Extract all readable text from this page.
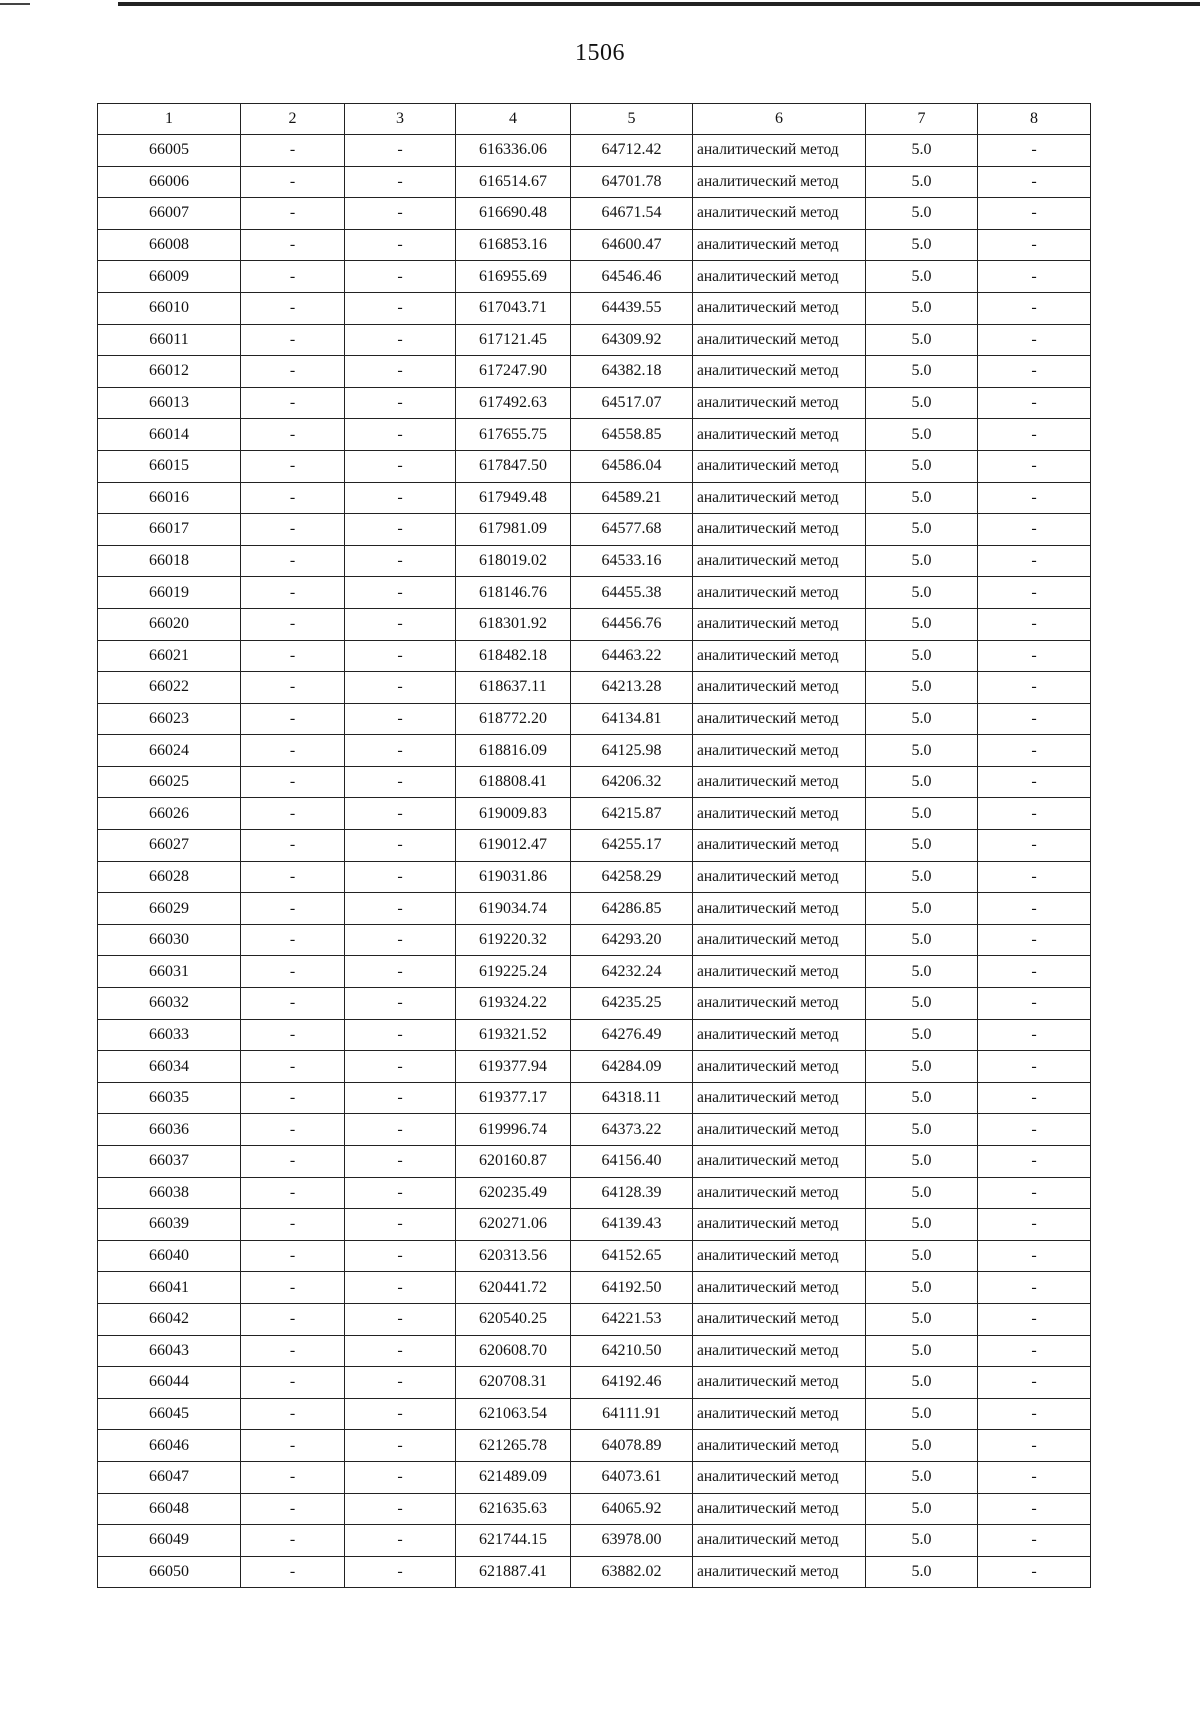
1506
1	2	3	4	5	6	7	8
66005	-	-	616336.06	64712.42	аналитический метод	5.0	-
66006	-	-	616514.67	64701.78	аналитический метод	5.0	-
66007	-	-	616690.48	64671.54	аналитический метод	5.0	-
66008	-	-	616853.16	64600.47	аналитический метод	5.0	-
66009	-	-	616955.69	64546.46	аналитический метод	5.0	-
66010	-	-	617043.71	64439.55	аналитический метод	5.0	-
66011	-	-	617121.45	64309.92	аналитический метод	5.0	-
66012	-	-	617247.90	64382.18	аналитический метод	5.0	-
66013	-	-	617492.63	64517.07	аналитический метод	5.0	-
66014	-	-	617655.75	64558.85	аналитический метод	5.0	-
66015	-	-	617847.50	64586.04	аналитический метод	5.0	-
66016	-	-	617949.48	64589.21	аналитический метод	5.0	-
66017	-	-	617981.09	64577.68	аналитический метод	5.0	-
66018	-	-	618019.02	64533.16	аналитический метод	5.0	-
66019	-	-	618146.76	64455.38	аналитический метод	5.0	-
66020	-	-	618301.92	64456.76	аналитический метод	5.0	-
66021	-	-	618482.18	64463.22	аналитический метод	5.0	-
66022	-	-	618637.11	64213.28	аналитический метод	5.0	-
66023	-	-	618772.20	64134.81	аналитический метод	5.0	-
66024	-	-	618816.09	64125.98	аналитический метод	5.0	-
66025	-	-	618808.41	64206.32	аналитический метод	5.0	-
66026	-	-	619009.83	64215.87	аналитический метод	5.0	-
66027	-	-	619012.47	64255.17	аналитический метод	5.0	-
66028	-	-	619031.86	64258.29	аналитический метод	5.0	-
66029	-	-	619034.74	64286.85	аналитический метод	5.0	-
66030	-	-	619220.32	64293.20	аналитический метод	5.0	-
66031	-	-	619225.24	64232.24	аналитический метод	5.0	-
66032	-	-	619324.22	64235.25	аналитический метод	5.0	-
66033	-	-	619321.52	64276.49	аналитический метод	5.0	-
66034	-	-	619377.94	64284.09	аналитический метод	5.0	-
66035	-	-	619377.17	64318.11	аналитический метод	5.0	-
66036	-	-	619996.74	64373.22	аналитический метод	5.0	-
66037	-	-	620160.87	64156.40	аналитический метод	5.0	-
66038	-	-	620235.49	64128.39	аналитический метод	5.0	-
66039	-	-	620271.06	64139.43	аналитический метод	5.0	-
66040	-	-	620313.56	64152.65	аналитический метод	5.0	-
66041	-	-	620441.72	64192.50	аналитический метод	5.0	-
66042	-	-	620540.25	64221.53	аналитический метод	5.0	-
66043	-	-	620608.70	64210.50	аналитический метод	5.0	-
66044	-	-	620708.31	64192.46	аналитический метод	5.0	-
66045	-	-	621063.54	64111.91	аналитический метод	5.0	-
66046	-	-	621265.78	64078.89	аналитический метод	5.0	-
66047	-	-	621489.09	64073.61	аналитический метод	5.0	-
66048	-	-	621635.63	64065.92	аналитический метод	5.0	-
66049	-	-	621744.15	63978.00	аналитический метод	5.0	-
66050	-	-	621887.41	63882.02	аналитический метод	5.0	-
